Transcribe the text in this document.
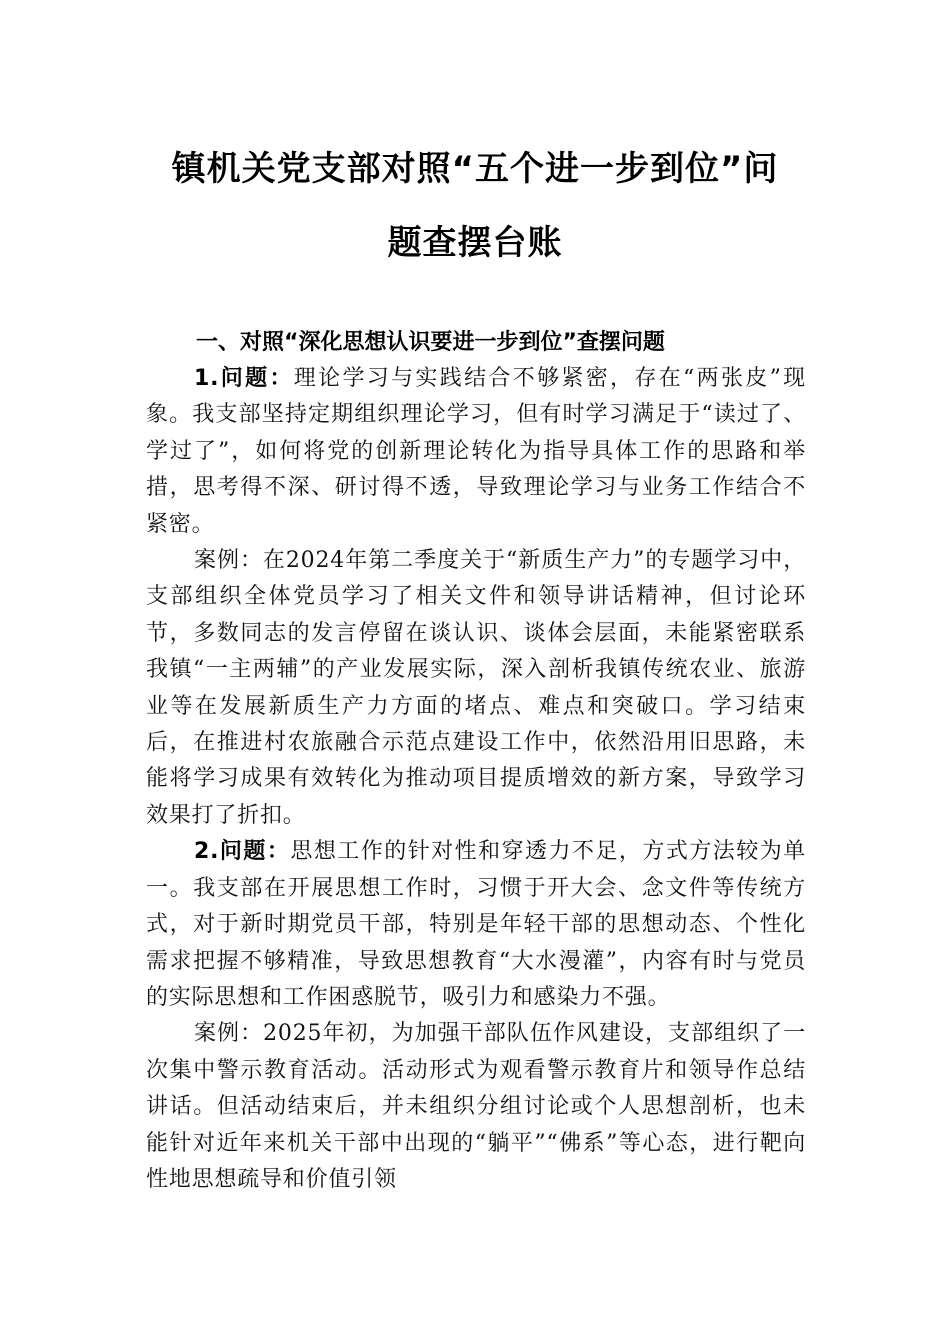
镇机关党支部对照“五个进一步到位”问
题查摆台账
一、对照“深化思想认识要进一步到位”查摆问题

1.问题：理论学习与实践结合不够紧密，存在“两张皮”现象。我支部坚持定期组织理论学习，但有时学习满足于“读过了、学过了”，如何将党的创新理论转化为指导具体工作的思路和举措，思考得不深、研讨得不透，导致理论学习与业务工作结合不紧密。

案例：在2024年第二季度关于“新质生产力”的专题学习中，支部组织全体党员学习了相关文件和领导讲话精神，但讨论环节，多数同志的发言停留在谈认识、谈体会层面，未能紧密联系我镇“一主两辅”的产业发展实际，深入剖析我镇传统农业、旅游业等在发展新质生产力方面的堵点、难点和突破口。学习结束后，在推进村农旅融合示范点建设工作中，依然沿用旧思路，未能将学习成果有效转化为推动项目提质增效的新方案，导致学习效果打了折扣。

2.问题：思想工作的针对性和穿透力不足，方式方法较为单一。我支部在开展思想工作时，习惯于开大会、念文件等传统方式，对于新时期党员干部，特别是年轻干部的思想动态、个性化需求把握不够精准，导致思想教育“大水漫灌”，内容有时与党员的实际思想和工作困惑脱节，吸引力和感染力不强。

案例：2025年初，为加强干部队伍作风建设，支部组织了一次集中警示教育活动。活动形式为观看警示教育片和领导作总结讲话。但活动结束后，并未组织分组讨论或个人思想剖析，也未能针对近年来机关干部中出现的“躺平”“佛系”等心态，进行靶向性地思想疏导和价值引领
